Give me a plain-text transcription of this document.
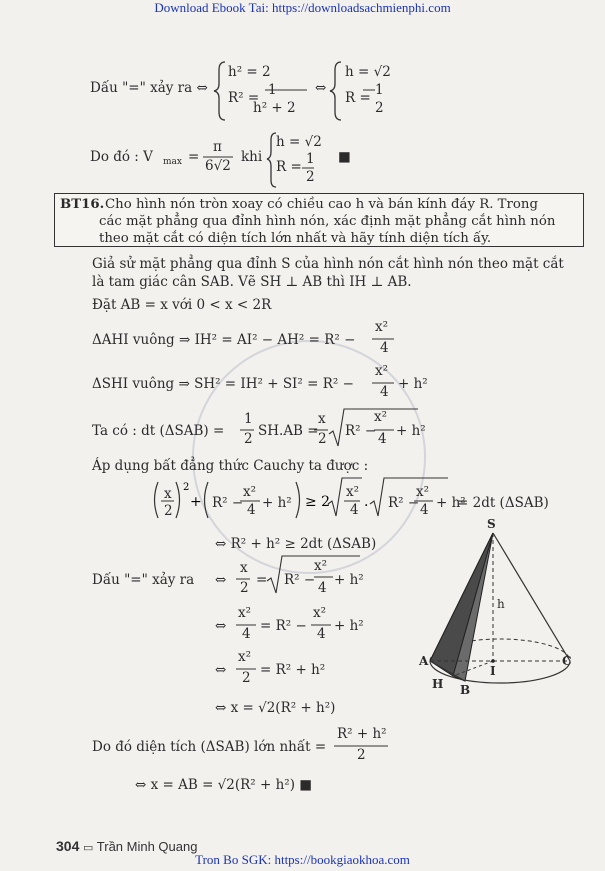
Download Ebook Tai: https://downloadsachmienphi.com
Dấu "=" xảy ra ⇔
h² = 2
R² = 1
h² + 2
⇔
h = √2
R = 1
2
Do đó : V max =
π
6√2
khi
h = √2
R = 1
2
■
BT16. Cho hình nón tròn xoay có chiều cao h và bán kính đáy R. Trong
các mặt phẳng qua đỉnh hình nón, xác định mặt phẳng cắt hình nón
theo mặt cắt có diện tích lớn nhất và hãy tính diện tích ấy.
Giả sử mặt phẳng qua đỉnh S của hình nón cắt hình nón theo mặt cắt
là tam giác cân SAB. Vẽ SH ⊥ AB thì IH ⊥ AB.
Đặt AB = x với 0 < x < 2R
ΔAHI vuông ⇒ IH² = AI² − AH² = R² −
x²
4
ΔSHI vuông ⇒ SH² = IH² + SI² = R² −
x²
4 + h²
Ta có : dt (ΔSAB) =
1
2 SH.AB =
x
2 R² −
x²
4 + h²
Áp dụng bất đẳng thức Cauchy ta được :
2
+	≥ 2 .
x
2	R² −
x²
4 + h²
x²
4 R² −
x²
4 + h²
= 2dt (ΔSAB)
⇔ R² + h² ≥ 2dt (ΔSAB)
Dấu "=" xảy ra ⇔
x
2 = R² −
x²
4 + h²
⇔
x²
4 = R² −
x²
4 + h²
⇔
x²
2 = R² + h²
⇔ x = √2(R² + h²)
Do đó diện tích (ΔSAB) lớn nhất =
R² + h²
2
⇔ x = AB = √2(R² + h²) ■
S
h
A	C
I
H B
304 ▭ Trần Minh Quang
Tron Bo SGK: https://bookgiaokhoa.com
